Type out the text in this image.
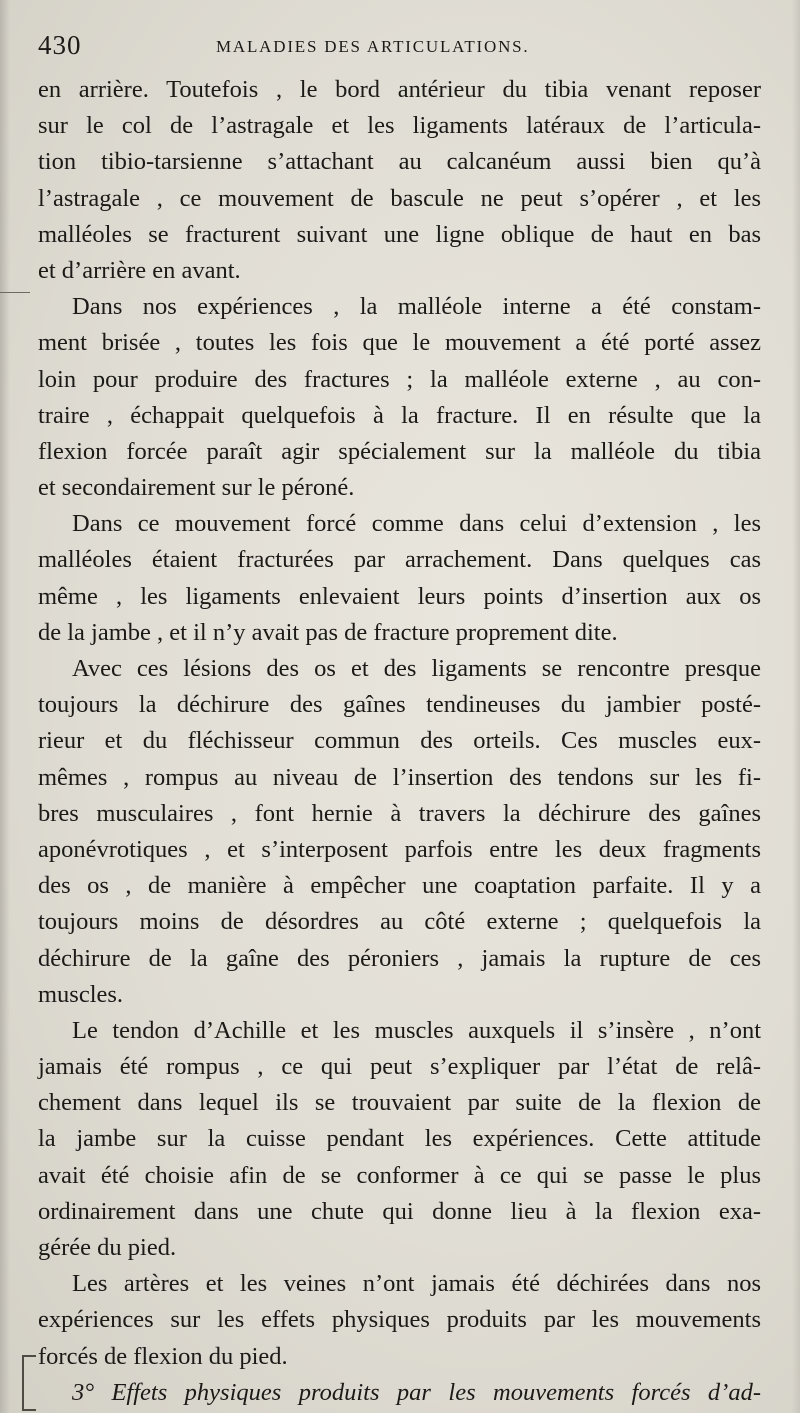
430	MALADIES DES ARTICULATIONS.
en arrière. Toutefois , le bord antérieur du tibia venant reposer
sur le col de l’astragale et les ligaments latéraux de l’articula-
tion tibio-tarsienne s’attachant au calcanéum aussi bien qu’à
l’astragale , ce mouvement de bascule ne peut s’opérer , et les
malléoles se fracturent suivant une ligne oblique de haut en bas
et d’arrière en avant.
Dans nos expériences , la malléole interne a été constam-
ment brisée , toutes les fois que le mouvement a été porté assez
loin pour produire des fractures ; la malléole externe , au con-
traire , échappait quelquefois à la fracture. Il en résulte que la
flexion forcée paraît agir spécialement sur la malléole du tibia
et secondairement sur le péroné.
Dans ce mouvement forcé comme dans celui d’extension , les
malléoles étaient fracturées par arrachement. Dans quelques cas
même , les ligaments enlevaient leurs points d’insertion aux os
de la jambe , et il n’y avait pas de fracture proprement dite.
Avec ces lésions des os et des ligaments se rencontre presque
toujours la déchirure des gaînes tendineuses du jambier posté-
rieur et du fléchisseur commun des orteils. Ces muscles eux-
mêmes , rompus au niveau de l’insertion des tendons sur les fi-
bres musculaires , font hernie à travers la déchirure des gaînes
aponévrotiques , et s’interposent parfois entre les deux fragments
des os , de manière à empêcher une coaptation parfaite. Il y a
toujours moins de désordres au côté externe ; quelquefois la
déchirure de la gaîne des péroniers , jamais la rupture de ces
muscles.
Le tendon d’Achille et les muscles auxquels il s’insère , n’ont
jamais été rompus , ce qui peut s’expliquer par l’état de relâ-
chement dans lequel ils se trouvaient par suite de la flexion de
la jambe sur la cuisse pendant les expériences. Cette attitude
avait été choisie afin de se conformer à ce qui se passe le plus
ordinairement dans une chute qui donne lieu à la flexion exa-
gérée du pied.
Les artères et les veines n’ont jamais été déchirées dans nos
expériences sur les effets physiques produits par les mouvements
forcés de flexion du pied.
3° Effets physiques produits par les mouvements forcés d’ad-
